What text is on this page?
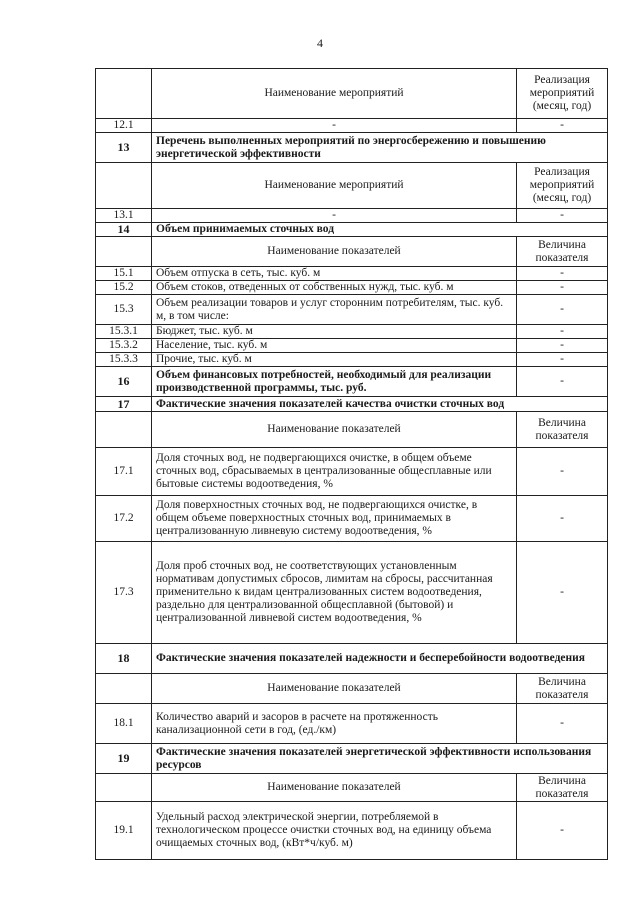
4
	Наименование мероприятий	Реализация мероприятий (месяц, год)
12.1	-	-
13	Перечень выполненных мероприятий по энергосбережению и повышению энергетической эффективности	
	Наименование мероприятий	Реализация мероприятий (месяц, год)
13.1	-	-
14	Объем принимаемых сточных вод	
	Наименование показателей	Величина показателя
15.1	Объем отпуска в сеть, тыс. куб. м	-
15.2	Объем стоков, отведенных от собственных нужд, тыс. куб. м	-
15.3	Объем реализации товаров и услуг сторонним потребителям, тыс. куб. м, в том числе:	-
15.3.1	Бюджет, тыс. куб. м	-
15.3.2	Население, тыс. куб. м	-
15.3.3	Прочие, тыс. куб. м	-
16	Объем финансовых потребностей, необходимый для реализации производственной программы, тыс. руб.	-
17	Фактические значения показателей качества очистки сточных вод	
	Наименование показателей	Величина показателя
17.1	Доля сточных вод, не подвергающихся очистке, в общем объеме сточных вод, сбрасываемых в централизованные общесплавные или бытовые системы водоотведения, %	-
17.2	Доля поверхностных сточных вод, не подвергающихся очистке, в общем объеме поверхностных сточных вод, принимаемых в централизованную ливневую систему водоотведения, %	-
17.3	Доля проб сточных вод, не соответствующих установленным нормативам допустимых сбросов, лимитам на сбросы, рассчитанная применительно к видам централизованных систем водоотведения, раздельно для централизованной общесплавной (бытовой) и централизованной ливневой систем водоотведения, %	-
18	Фактические значения показателей надежности и бесперебойности водоотведения	
	Наименование показателей	Величина показателя
18.1	Количество аварий и засоров в расчете на протяженность канализационной сети в год, (ед./км)	-
19	Фактические значения показателей энергетической эффективности использования ресурсов	
	Наименование показателей	Величина показателя
19.1	Удельный расход электрической энергии, потребляемой в технологическом процессе очистки сточных вод, на единицу объема очищаемых сточных вод, (кВт*ч/куб. м)	-
